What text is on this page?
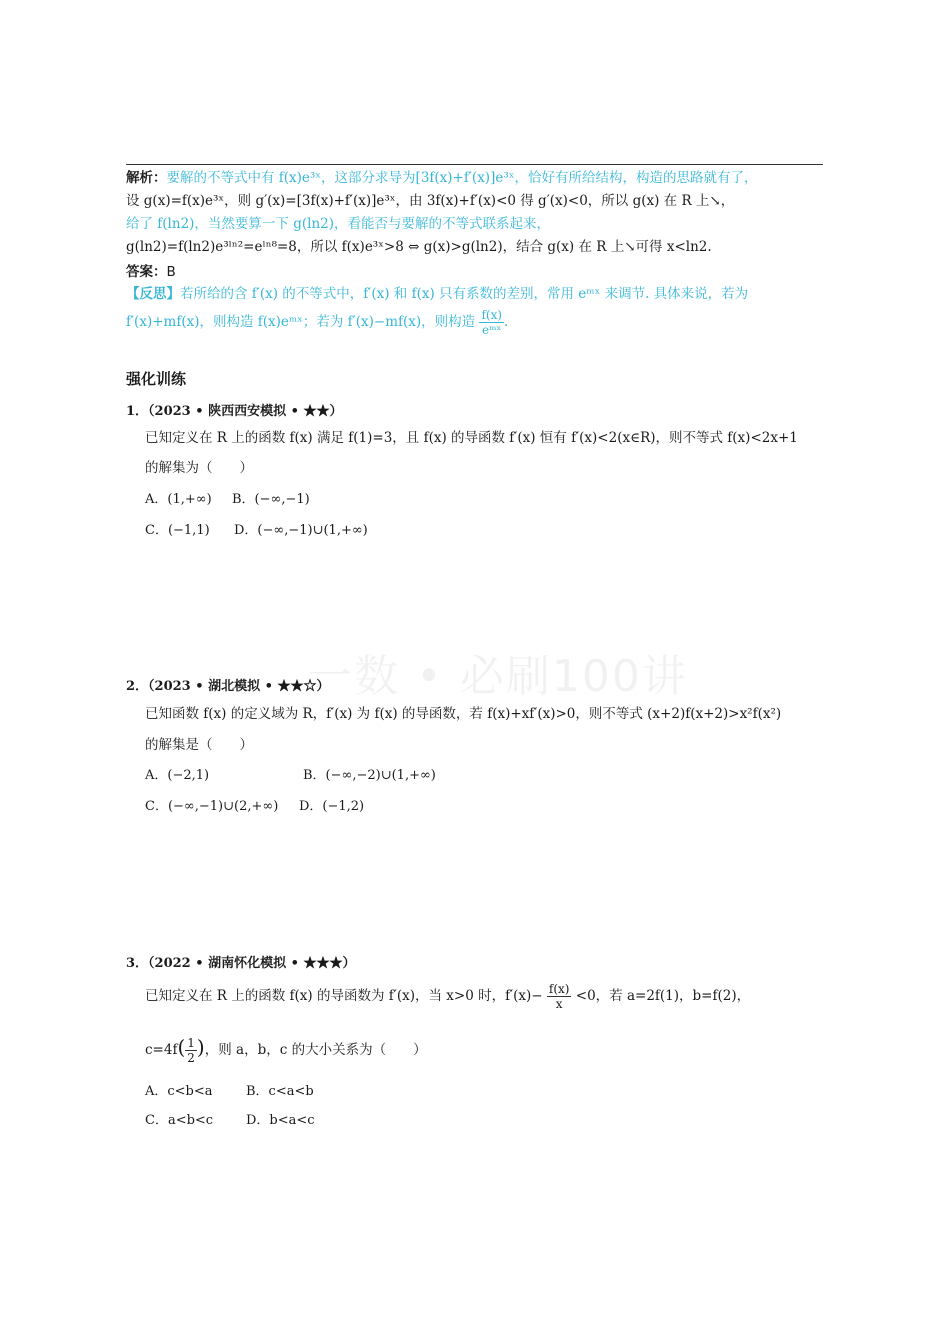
解析：要解的不等式中有 f(x)e³ˣ，这部分求导为[3f(x)+f′(x)]e³ˣ，恰好有所给结构，构造的思路就有了，
设 g(x)=f(x)e³ˣ，则 g′(x)=[3f(x)+f′(x)]e³ˣ，由 3f(x)+f′(x)<0 得 g′(x)<0，所以 g(x) 在 R 上↘，
给了 f(ln2)，当然要算一下 g(ln2)，看能否与要解的不等式联系起来，
g(ln2)=f(ln2)e³ˡⁿ²=eˡⁿ⁸=8，所以 f(x)e³ˣ>8 ⇔ g(x)>g(ln2)，结合 g(x) 在 R 上↘可得 x<ln2.
答案：B
【反思】若所给的含 f′(x) 的不等式中，f′(x) 和 f(x) 只有系数的差别，常用 eᵐˣ 来调节. 具体来说，若为
f′(x)+mf(x)，则构造 f(x)eᵐˣ；若为 f′(x)−mf(x)，则构造 $\frac{f(x)}{\text{eᵐˣ}}$ .
强化训练
1．（2023 • 陕西西安模拟 • ★★）
已知定义在 R 上的函数 f(x) 满足 f(1)=3，且 f(x) 的导函数 f′(x) 恒有 f′(x)<2(x∈R)，则不等式 f(x)<2x+1
的解集为（　　）
A．(1,+∞) B．(−∞,−1)
C．(−1,1) D．(−∞,−1)∪(1,+∞)
一数 • 必刷100讲
2．（2023 • 湖北模拟 • ★★☆）
已知函数 f(x) 的定义域为 R，f′(x) 为 f(x) 的导函数，若 f(x)+xf′(x)>0，则不等式 (x+2)f(x+2)>x²f(x²)
的解集是（　　）
A．(−2,1)	B．(−∞,−2)∪(1,+∞)
C．(−∞,−1)∪(2,+∞) D．(−1,2)
3．（2022 • 湖南怀化模拟 • ★★★）
已知定义在 R 上的函数 f(x) 的导函数为 f′(x)，当 x>0 时，$f'(x)- \frac{f(x)}{x} <0$，若 a=2f(1)，b=f(2)，
$c=4f( \frac{1}{2}$ )，则 a，b，c 的大小关系为（　　）
A．c<b<a	B．c<a<b
C．a<b<c	D．b<a<c
